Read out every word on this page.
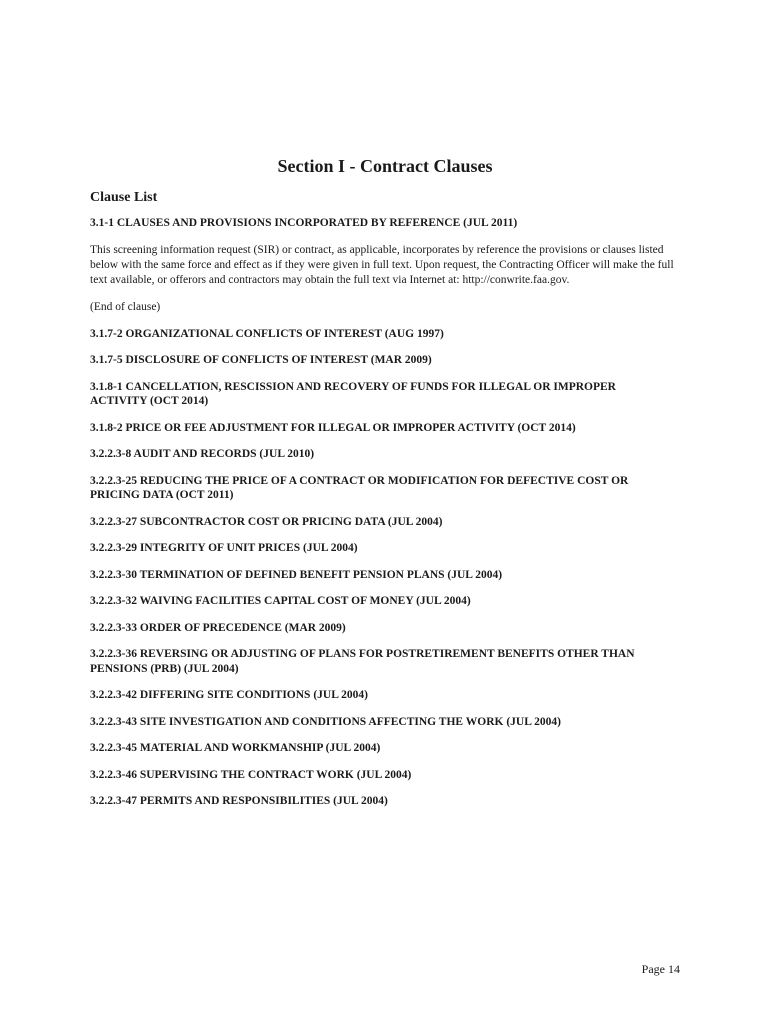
Section I - Contract Clauses
Clause List
3.1-1 CLAUSES AND PROVISIONS INCORPORATED BY REFERENCE (JUL 2011)
This screening information request (SIR) or contract, as applicable, incorporates by reference the provisions or clauses listed below with the same force and effect as if they were given in full text. Upon request, the Contracting Officer will make the full text available, or offerors and contractors may obtain the full text via Internet at: http://conwrite.faa.gov.
(End of clause)
3.1.7-2 ORGANIZATIONAL CONFLICTS OF INTEREST (AUG 1997)
3.1.7-5 DISCLOSURE OF CONFLICTS OF INTEREST (MAR 2009)
3.1.8-1 CANCELLATION, RESCISSION AND RECOVERY OF FUNDS FOR ILLEGAL OR IMPROPER ACTIVITY (OCT 2014)
3.1.8-2 PRICE OR FEE ADJUSTMENT FOR ILLEGAL OR IMPROPER ACTIVITY (OCT 2014)
3.2.2.3-8 AUDIT AND RECORDS (JUL 2010)
3.2.2.3-25 REDUCING THE PRICE OF A CONTRACT OR MODIFICATION FOR DEFECTIVE COST OR PRICING DATA (OCT 2011)
3.2.2.3-27 SUBCONTRACTOR COST OR PRICING DATA (JUL 2004)
3.2.2.3-29 INTEGRITY OF UNIT PRICES (JUL 2004)
3.2.2.3-30 TERMINATION OF DEFINED BENEFIT PENSION PLANS (JUL 2004)
3.2.2.3-32 WAIVING FACILITIES CAPITAL COST OF MONEY (JUL 2004)
3.2.2.3-33 ORDER OF PRECEDENCE (MAR 2009)
3.2.2.3-36 REVERSING OR ADJUSTING OF PLANS FOR POSTRETIREMENT BENEFITS OTHER THAN PENSIONS (PRB) (JUL 2004)
3.2.2.3-42 DIFFERING SITE CONDITIONS (JUL 2004)
3.2.2.3-43 SITE INVESTIGATION AND CONDITIONS AFFECTING THE WORK (JUL 2004)
3.2.2.3-45 MATERIAL AND WORKMANSHIP (JUL 2004)
3.2.2.3-46 SUPERVISING THE CONTRACT WORK (JUL 2004)
3.2.2.3-47 PERMITS AND RESPONSIBILITIES (JUL 2004)
Page 14
